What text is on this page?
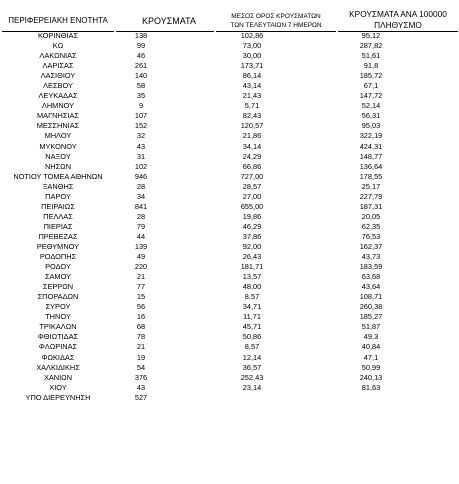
ΠΕΡΙΦΕΡΕΙΑΚΗ ΕΝΟΤΗΤΑ	ΚΡΟΥΣΜΑΤΑ	ΜΕΣΟΣ ΟΡΟΣ ΚΡΟΥΣΜΑΤΩΝ
ΤΩΝ ΤΕΛΕΥΤΑΙΩΝ 7 ΗΜΕΡΩΝ
ΚΡΟΥΣΜΑΤΑ ΑΝΑ 100000
ΠΛΗΘΥΣΜΟ
ΚΟΡΙΝΘΙΑΣ	138	102,86	95,12
ΚΩ	99	73,00	287,82
ΛΑΚΩΝΙΑΣ	46	30,00	51,61
ΛΑΡΙΣΑΣ	261	173,71	91,8
ΛΑΣΙΘΙΟΥ	140	86,14	185,72
ΛΕΣΒΟΥ	58	43,14	67,1
ΛΕΥΚΑΔΑΣ	35	21,43	147,72
ΛΗΜΝΟΥ	9	5,71	52,14
ΜΑΓΝΗΣΙΑΣ	107	82,43	56,31
ΜΕΣΣΗΝΙΑΣ	152	120,57	95,03
ΜΗΛΟΥ	32	21,86	322,19
ΜΥΚΟΝΟΥ	43	34,14	424,31
ΝΑΞΟΥ	31	24,29	148,77
ΝΗΣΩΝ	102	66,86	136,64
ΝΟΤΙΟΥ ΤΟΜΕΑ ΑΘΗΝΩΝ	946	727,00	178,55
ΞΑΝΘΗΣ	28	28,57	25,17
ΠΑΡΟΥ	34	27,00	227,79
ΠΕΙΡΑΙΩΣ	841	655,00	187,31
ΠΕΛΛΑΣ	28	19,86	20,05
ΠΙΕΡΙΑΣ	79	46,29	62,35
ΠΡΕΒΕΖΑΣ	44	37,86	76,53
ΡΕΘΥΜΝΟΥ	139	92,00	162,37
ΡΟΔΟΠΗΣ	49	26,43	43,73
ΡΟΔΟΥ	220	181,71	183,59
ΣΑΜΟΥ	21	13,57	63,68
ΣΕΡΡΩΝ	77	48,00	43,64
ΣΠΟΡΑΔΩΝ	15	8,57	108,71
ΣΥΡΟΥ	56	34,71	260,38
ΤΗΝΟΥ	16	11,71	185,27
ΤΡΙΚΑΛΩΝ	68	45,71	51,87
ΦΘΙΩΤΙΔΑΣ	78	50,86	49,3
ΦΛΩΡΙΝΑΣ	21	8,57	40,84
ΦΩΚΙΔΑΣ	19	12,14	47,1
ΧΑΛΚΙΔΙΚΗΣ	54	36,57	50,99
ΧΑΝΙΩΝ	376	252,43	240,13
ΧΙΟΥ	43	23,14	81,63
ΥΠΟ ΔΙΕΡΕΥΝΗΣΗ	527
